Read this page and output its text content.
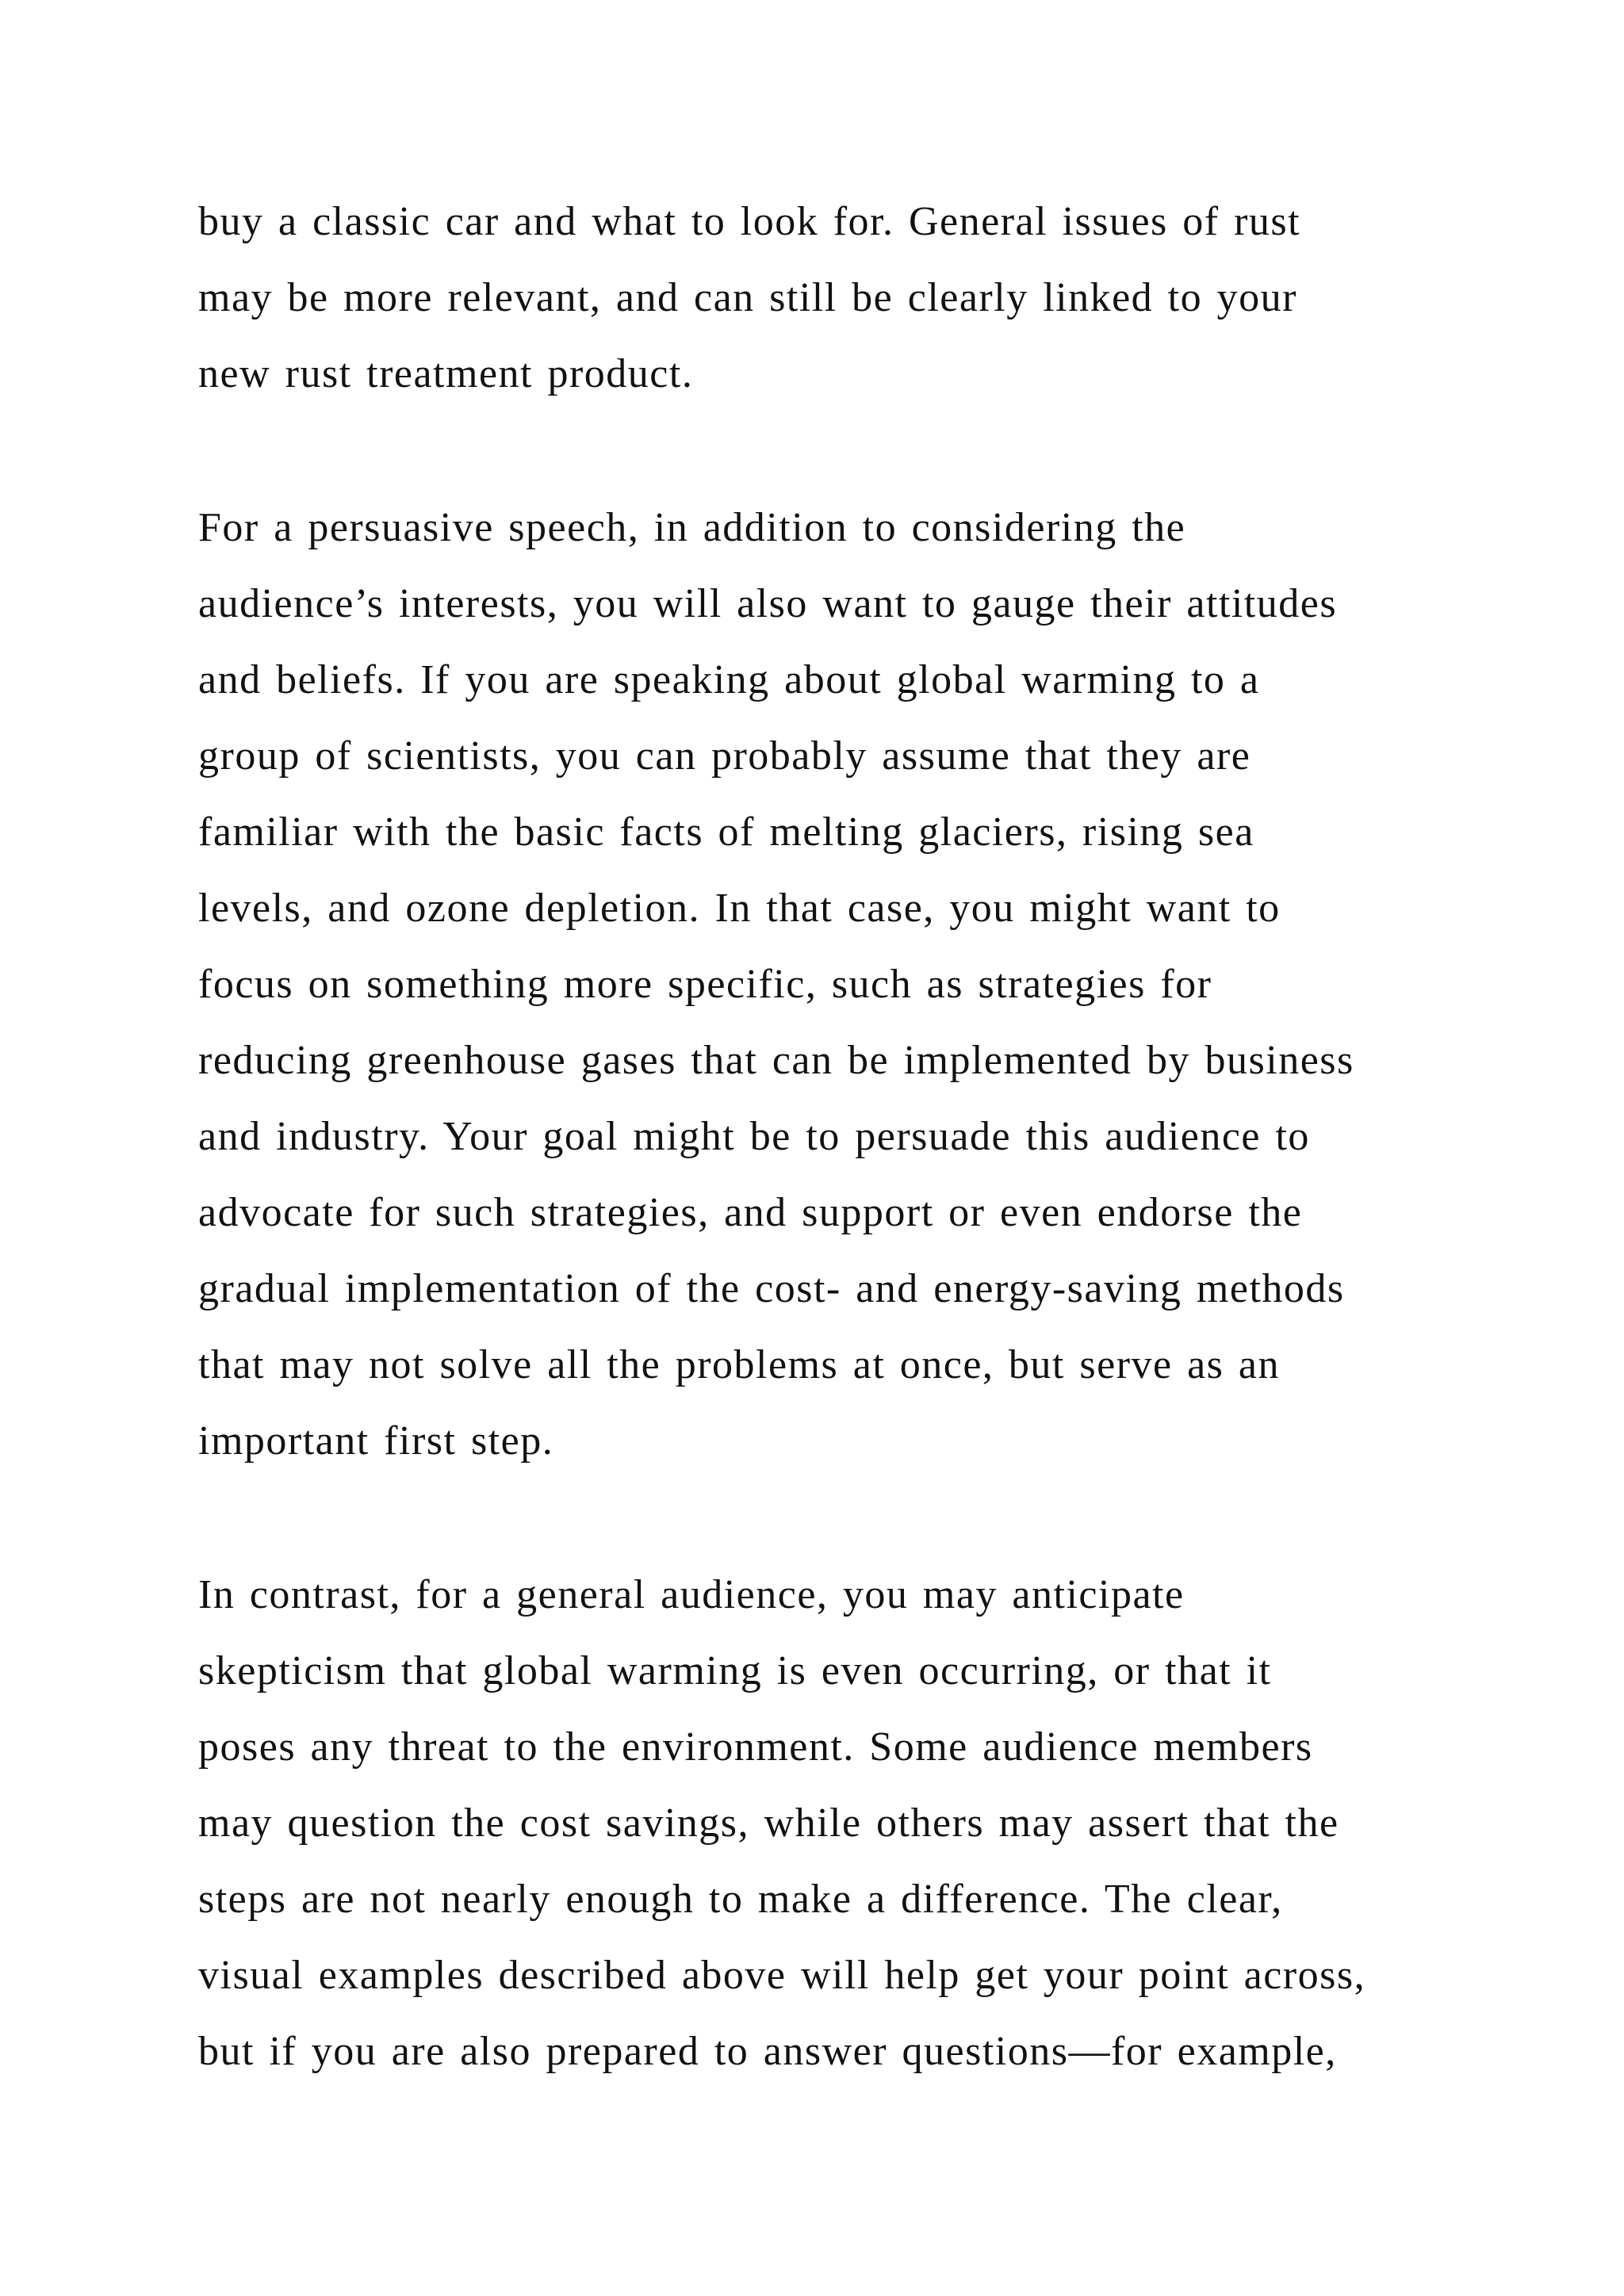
buy a classic car and what to look for. General issues of rust
may be more relevant, and can still be clearly linked to your
new rust treatment product.
For a persuasive speech, in addition to considering the
audience’s interests, you will also want to gauge their attitudes
and beliefs. If you are speaking about global warming to a
group of scientists, you can probably assume that they are
familiar with the basic facts of melting glaciers, rising sea
levels, and ozone depletion. In that case, you might want to
focus on something more specific, such as strategies for
reducing greenhouse gases that can be implemented by business
and industry. Your goal might be to persuade this audience to
advocate for such strategies, and support or even endorse the
gradual implementation of the cost- and energy-saving methods
that may not solve all the problems at once, but serve as an
important first step.
In contrast, for a general audience, you may anticipate
skepticism that global warming is even occurring, or that it
poses any threat to the environment. Some audience members
may question the cost savings, while others may assert that the
steps are not nearly enough to make a difference. The clear,
visual examples described above will help get your point across,
but if you are also prepared to answer questions—for example,
